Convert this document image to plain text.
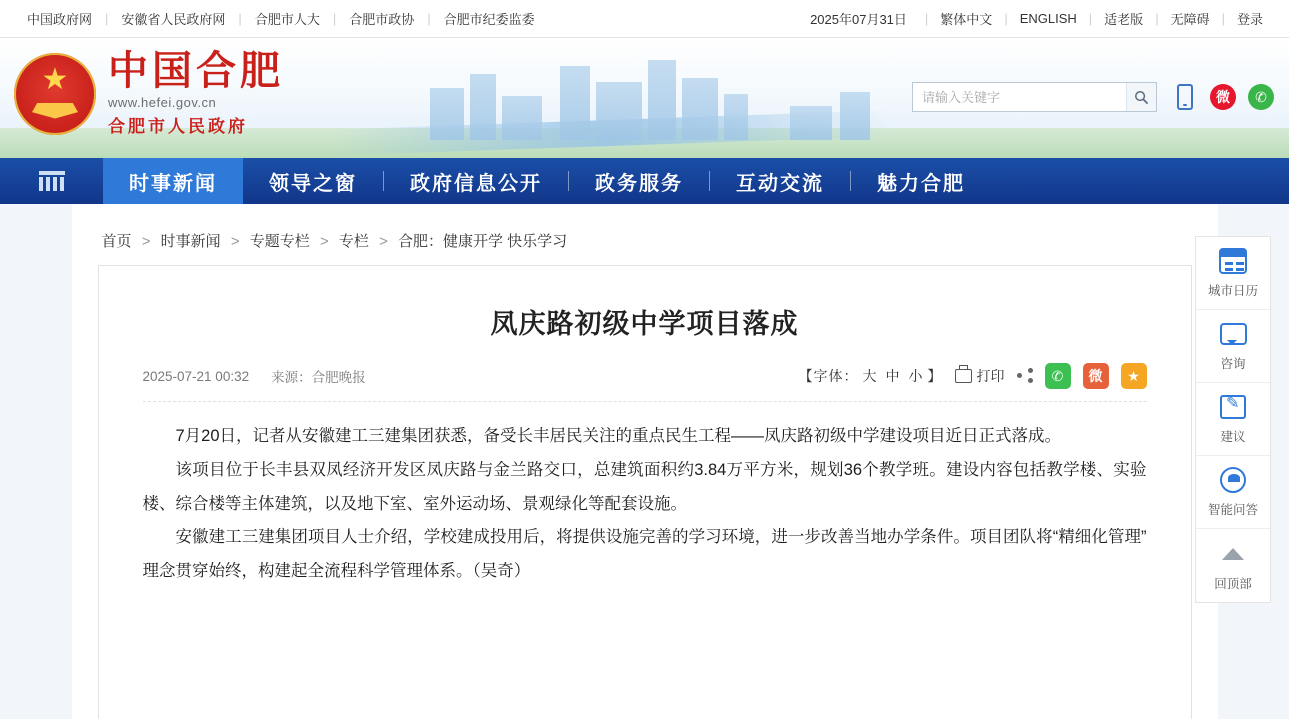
中国政府网	|	安徽省人民政府网	|	合肥市人大	|	合肥市政协	|	合肥市纪委监委	2025年07月31日	| 繁体中文 | ENGLISH | 适老版 | 无障碍 | 登录
★
中国合肥
www.hefei.gov.cn
合肥市人民政府
请输入关键字
微	✆
时事新闻	领导之窗	政府信息公开	政务服务	互动交流	魅力合肥
首页 > 时事新闻 > 专题专栏 > 专栏 > 合肥：健康开学 快乐学习
凤庆路初级中学项目落成
2025-07-21 00:32	来源： 合肥晚报	【字体： 大 中 小 】 打印	✆	微	★

7月20日，记者从安徽建工三建集团获悉，备受长丰居民关注的重点民生工程——凤庆路初级中学建设项目近日正式落成。

该项目位于长丰县双凤经济开发区凤庆路与金兰路交口，总建筑面积约3.84万平方米，规划36个教学班。建设内容包括教学楼、实验楼、综合楼等主体建筑，以及地下室、室外运动场、景观绿化等配套设施。

安徽建工三建集团项目人士介绍，学校建成投用后，将提供设施完善的学习环境，进一步改善当地办学条件。项目团队将“精细化管理”理念贯穿始终，构建起全流程科学管理体系。（吴奇）

城市日历
咨询
✎
建议
智能问答
回顶部
